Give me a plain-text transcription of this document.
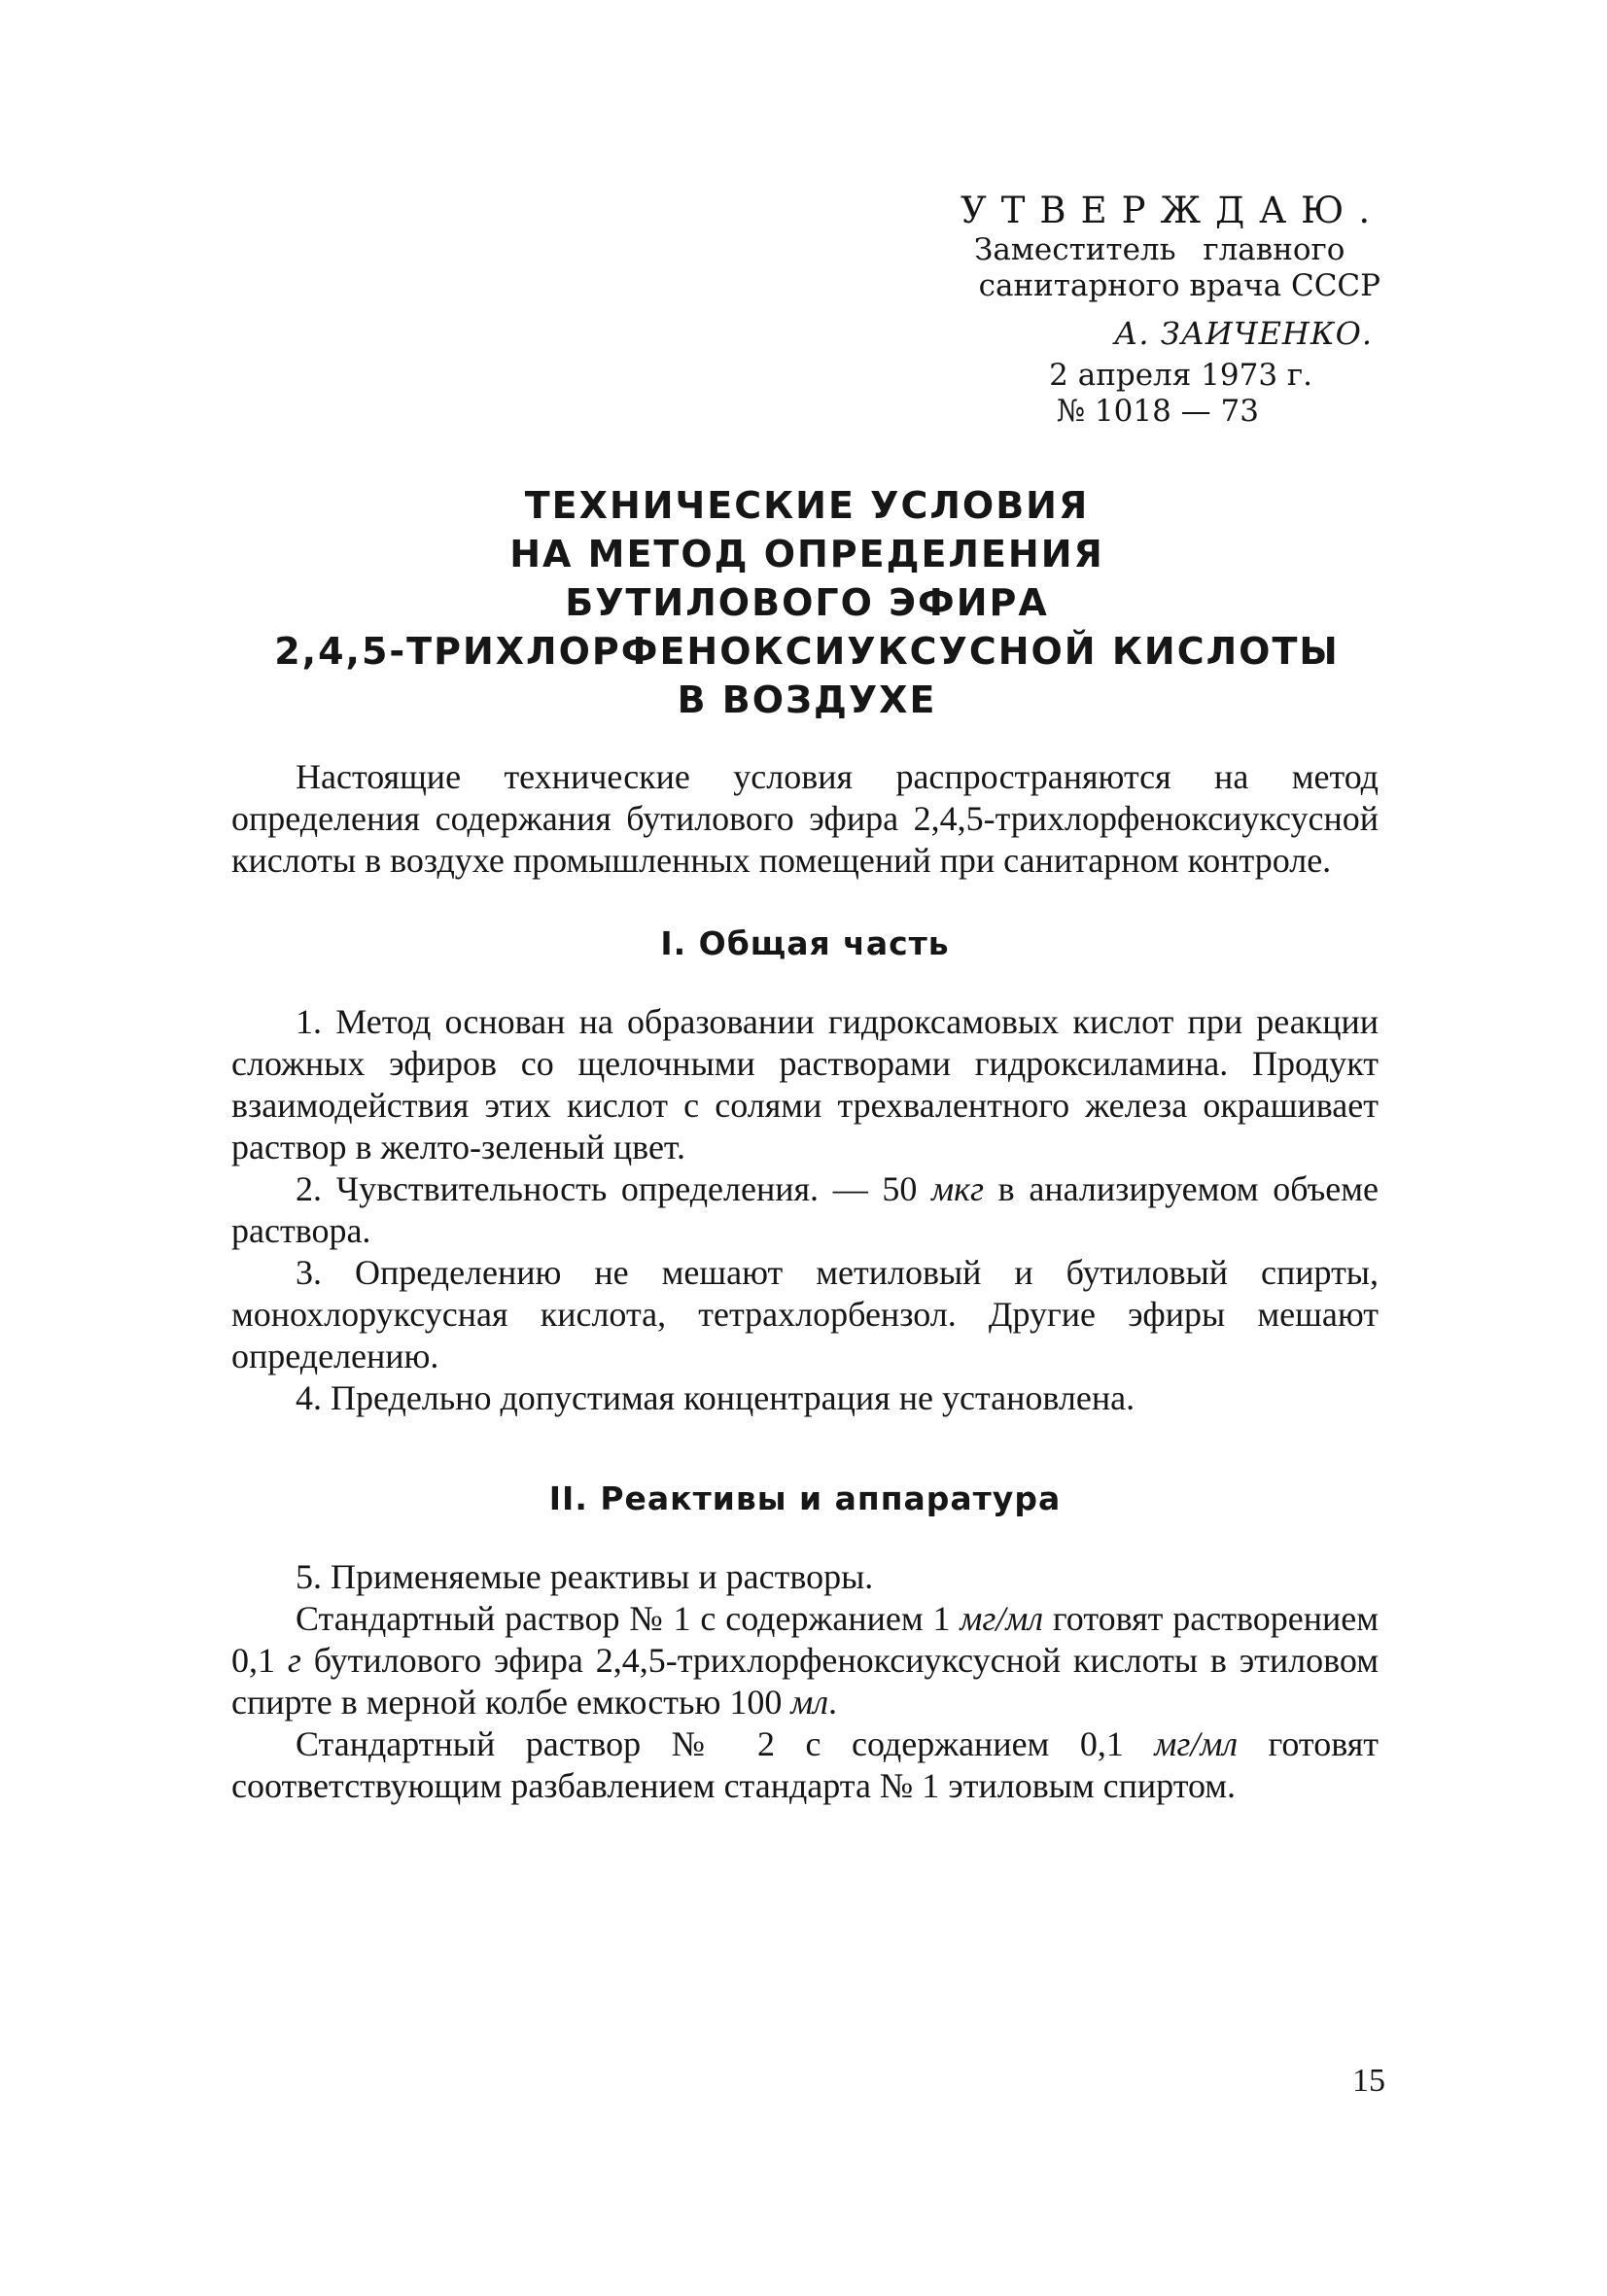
УТВЕРЖДАЮ.
Заместитель главного
санитарного врача СССР
А. ЗАИЧЕНКО.
2 апреля 1973 г.
№ 1018 — 73
ТЕХНИЧЕСКИЕ УСЛОВИЯ
НА МЕТОД ОПРЕДЕЛЕНИЯ
БУТИЛОВОГО ЭФИРА
2,4,5-ТРИХЛОРФЕНОКСИУКСУСНОЙ КИСЛОТЫ
В ВОЗДУХЕ

Настоящие технические условия распространяются на метод определения содержания бутилового эфира 2,4,5-трихлорфеноксиуксусной кислоты в воздухе промышленных помещений при санитарном контроле.

I. Общая часть

1. Метод основан на образовании гидроксамовых кислот при реакции сложных эфиров со щелочными растворами гидроксиламина. Продукт взаимодействия этих кислот с солями трехвалентного железа окрашивает раствор в желто-зеленый цвет.

2. Чувствительность определения. — 50 мкг в анализируемом объеме раствора.

3. Определению не мешают метиловый и бутиловый спирты, монохлоруксусная кислота, тетрахлорбензол. Другие эфиры мешают определению.

4. Предельно допустимая концентрация не установлена.

II. Реактивы и аппаратура

5. Применяемые реактивы и растворы.

Стандартный раствор № 1 с содержанием 1 мг/мл готовят растворением 0,1 г бутилового эфира 2,4,5-трихлорфеноксиуксусной кислоты в этиловом спирте в мерной колбе емкостью 100 мл.

Стандартный раствор № 2 с содержанием 0,1 мг/мл готовят соответствующим разбавлением стандарта № 1 этиловым спиртом.

15
